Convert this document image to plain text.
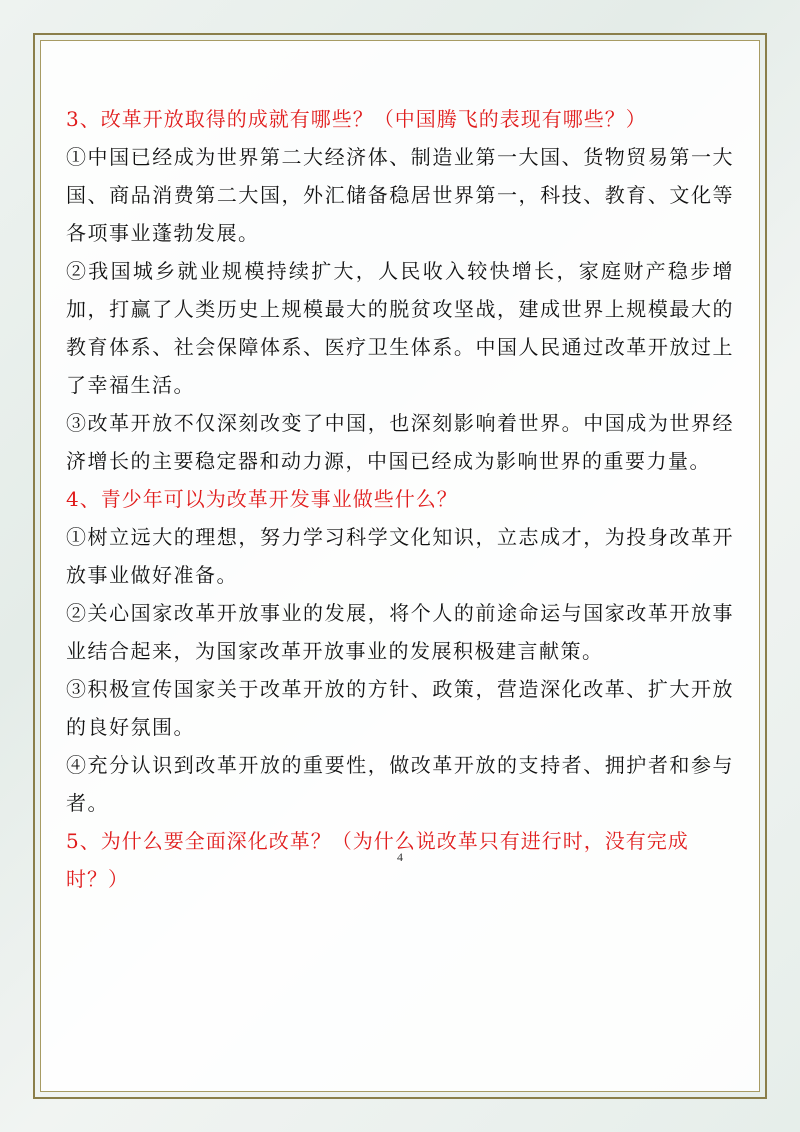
3、改革开放取得的成就有哪些？（中国腾飞的表现有哪些？）

①中国已经成为世界第二大经济体、制造业第一大国、货物贸易第一大国、商品消费第二大国，外汇储备稳居世界第一，科技、教育、文化等各项事业蓬勃发展。

②我国城乡就业规模持续扩大，人民收入较快增长，家庭财产稳步增加，打赢了人类历史上规模最大的脱贫攻坚战，建成世界上规模最大的教育体系、社会保障体系、医疗卫生体系。中国人民通过改革开放过上了幸福生活。

③改革开放不仅深刻改变了中国，也深刻影响着世界。中国成为世界经济增长的主要稳定器和动力源，中国已经成为影响世界的重要力量。

4、青少年可以为改革开发事业做些什么？

①树立远大的理想，努力学习科学文化知识，立志成才，为投身改革开放事业做好准备。

②关心国家改革开放事业的发展，将个人的前途命运与国家改革开放事业结合起来，为国家改革开放事业的发展积极建言献策。

③积极宣传国家关于改革开放的方针、政策，营造深化改革、扩大开放的良好氛围。

④充分认识到改革开放的重要性，做改革开放的支持者、拥护者和参与者。

5、为什么要全面深化改革？（为什么说改革只有进行时，没有完成时？）

4
